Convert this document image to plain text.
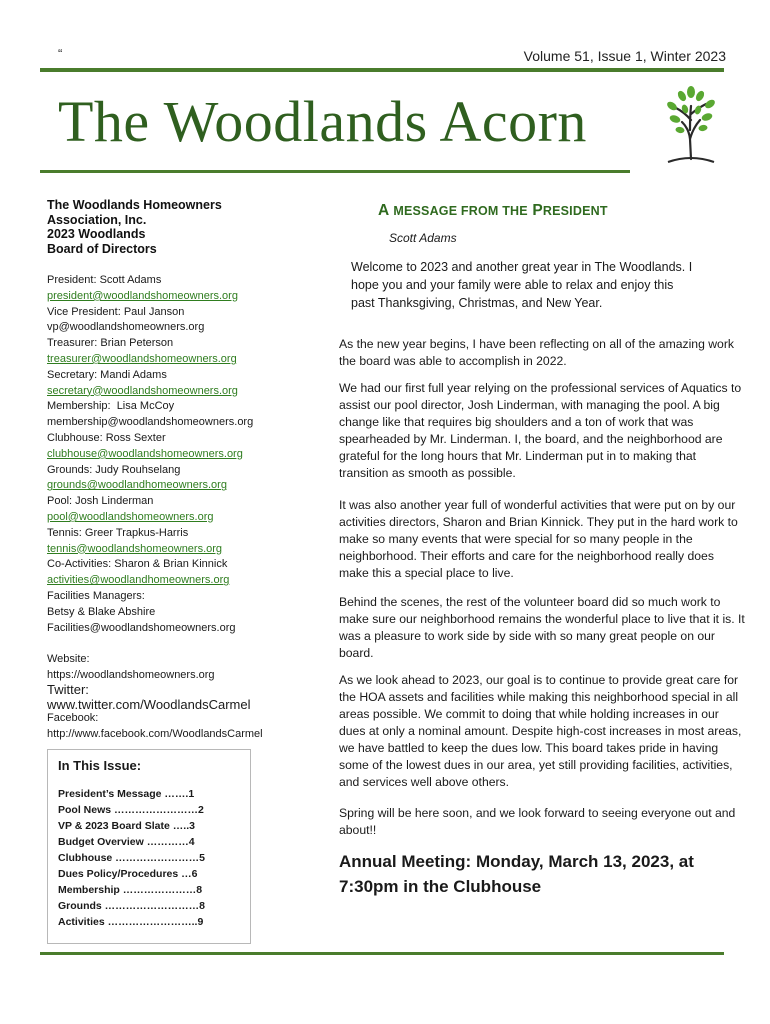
“	Volume 51, Issue 1, Winter 2023
The Woodlands Acorn
The Woodlands Homeowners
Association, Inc.
2023 Woodlands
Board of Directors
President: Scott Adams
president@woodlandshomeowners.org
Vice President: Paul Janson
vp@woodlandshomeowners.org
Treasurer: Brian Peterson
treasurer@woodlandshomeowners.org
Secretary: Mandi Adams
secretary@woodlandshomeowners.org
Membership:  Lisa McCoy
membership@woodlandshomeowners.org
Clubhouse: Ross Sexter
clubhouse@woodlandshomeowners.org
Grounds: Judy Rouhselang
grounds@woodlandhomeowners.org
Pool: Josh Linderman
pool@woodlandshomeowners.org
Tennis: Greer Trapkus-Harris
tennis@woodlandshomeowners.org
Co-Activities: Sharon & Brian Kinnick
activities@woodlandhomeowners.org
Facilities Managers:
Betsy & Blake Abshire
Facilities@woodlandshomeowners.org
Website:
https://woodlandshomeowners.org
Twitter:
www.twitter.com/WoodlandsCarmel
Facebook:
http://www.facebook.com/WoodlandsCarmel
In This Issue:
President’s Message …….1
Pool News ……………………2
VP & 2023 Board Slate …..3
Budget Overview …………4
Clubhouse ……………………5
Dues Policy/Procedures …6
Membership …………………8
Grounds ………………………8
Activities ……………………..9
A MESSAGE FROM THE PRESIDENT
Scott Adams
Welcome to 2023 and another great year in The Woodlands. I hope you and your family were able to relax and enjoy this past Thanksgiving, Christmas, and New Year.
As the new year begins, I have been reflecting on all of the amazing work the board was able to accomplish in 2022.
We had our first full year relying on the professional services of Aquatics to assist our pool director, Josh Linderman, with managing the pool. A big change like that requires big shoulders and a ton of work that was spearheaded by Mr. Linderman. I, the board, and the neighborhood are grateful for the long hours that Mr. Linderman put in to making that transition as smooth as possible.
It was also another year full of wonderful activities that were put on by our activities directors, Sharon and Brian Kinnick. They put in the hard work to make so many events that were special for so many people in the neighborhood. Their efforts and care for the neighborhood really does make this a special place to live.
Behind the scenes, the rest of the volunteer board did so much work to make sure our neighborhood remains the wonderful place to live that it is. It was a pleasure to work side by side with so many great people on our board.
As we look ahead to 2023, our goal is to continue to provide great care for the HOA assets and facilities while making this neighborhood special in all areas possible. We commit to doing that while holding increases in our dues at only a nominal amount. Despite high-cost increases in most areas, we have battled to keep the dues low. This board takes pride in having some of the lowest dues in our area, yet still providing facilities, activities, and services well above others.
Spring will be here soon, and we look forward to seeing everyone out and about!!
Annual Meeting: Monday, March 13, 2023, at 7:30pm in the Clubhouse
